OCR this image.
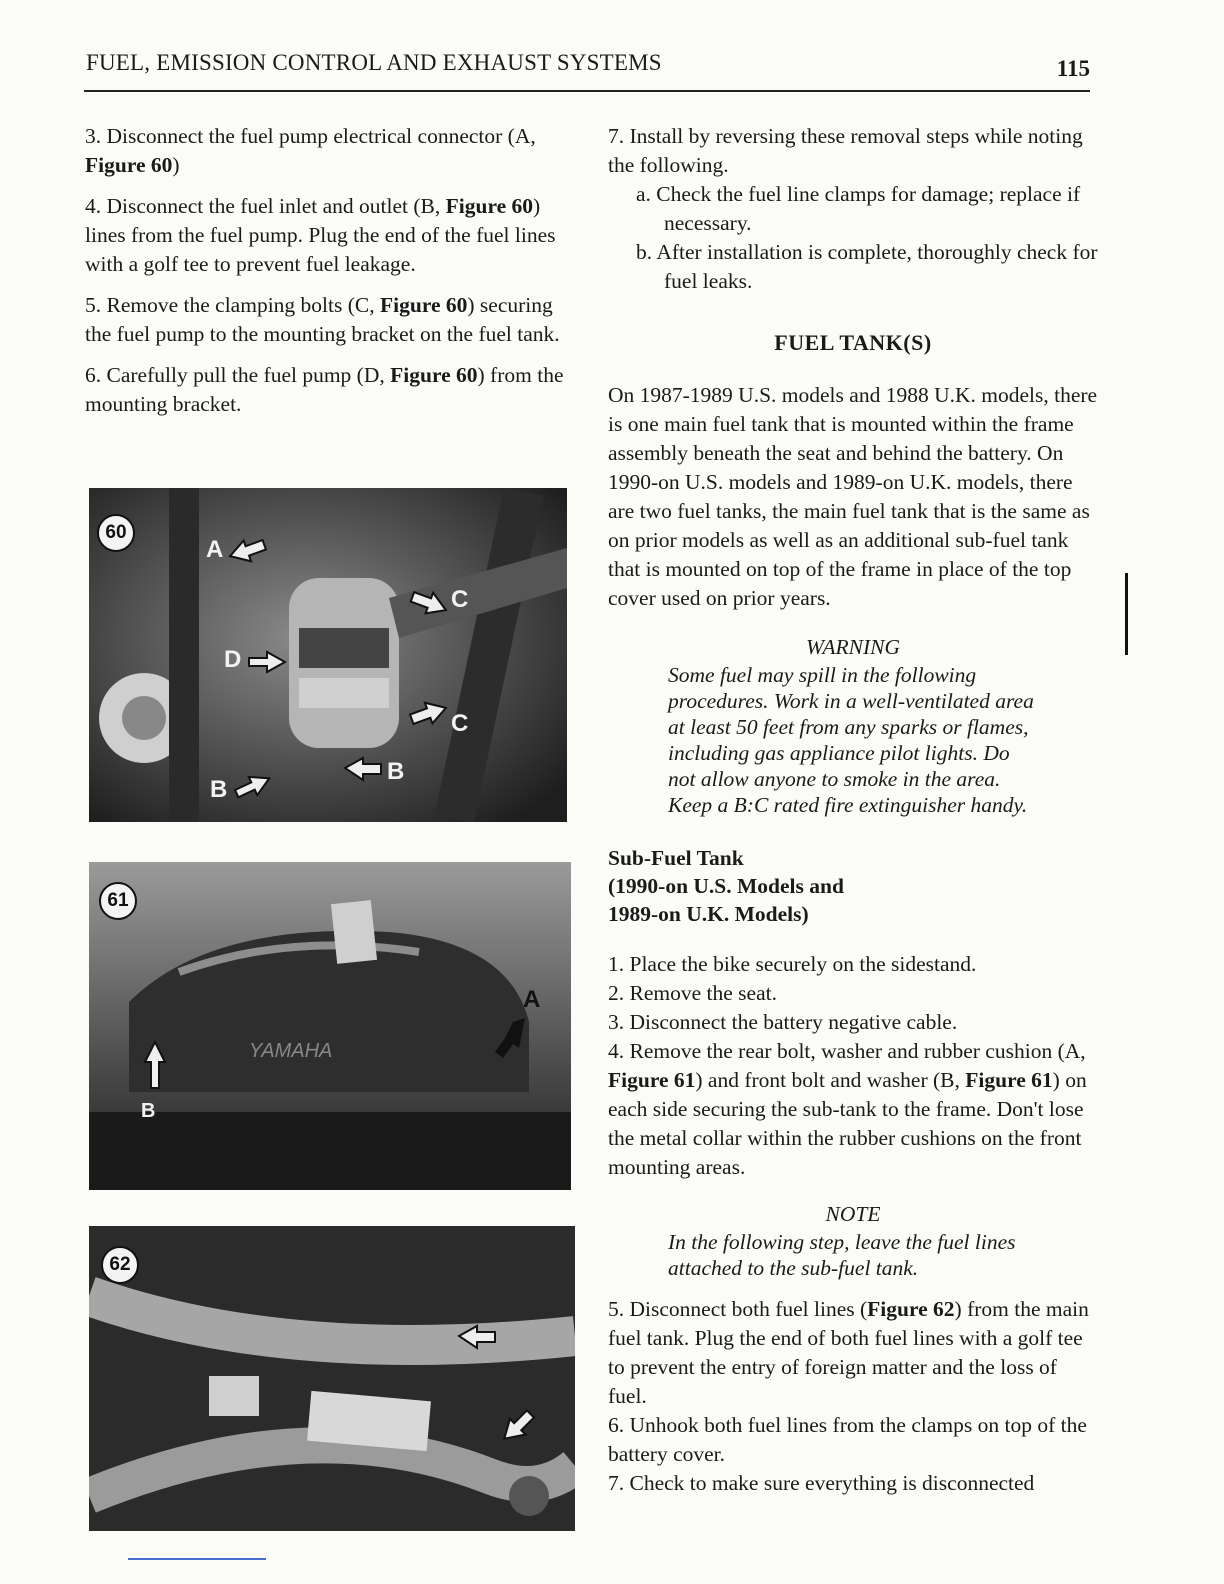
FUEL, EMISSION CONTROL AND EXHAUST SYSTEMS	115

3. Disconnect the fuel pump electrical connector (A, Figure 60)

4. Disconnect the fuel inlet and outlet (B, Figure 60) lines from the fuel pump. Plug the end of the fuel lines with a golf tee to prevent fuel leakage.

5. Remove the clamping bolts (C, Figure 60) securing the fuel pump to the mounting bracket on the fuel tank.

6. Carefully pull the fuel pump (D, Figure 60) from the mounting bracket.

60
A
C
D
C
B
B
61
A
B
YAMAHA
62

7. Install by reversing these removal steps while noting the following.

a. Check the fuel line clamps for damage; replace if necessary.

b. After installation is complete, thoroughly check for fuel leaks.

FUEL TANK(S)

On 1987-1989 U.S. models and 1988 U.K. models, there is one main fuel tank that is mounted within the frame assembly beneath the seat and behind the battery. On 1990-on U.S. models and 1989-on U.K. models, there are two fuel tanks, the main fuel tank that is the same as on prior models as well as an additional sub-fuel tank that is mounted on top of the frame in place of the top cover used on prior years.

WARNING
Some fuel may spill in the following procedures. Work in a well-ventilated area at least 50 feet from any sparks or flames, including gas appliance pilot lights. Do not allow anyone to smoke in the area. Keep a B:C rated fire extinguisher handy.
Sub-Fuel Tank
(1990-on U.S. Models and
1989-on U.K. Models)

1. Place the bike securely on the sidestand.

2. Remove the seat.

3. Disconnect the battery negative cable.

4. Remove the rear bolt, washer and rubber cushion (A, Figure 61) and front bolt and washer (B, Figure 61) on each side securing the sub-tank to the frame. Don't lose the metal collar within the rubber cushions on the front mounting areas.

NOTE
In the following step, leave the fuel lines attached to the sub-fuel tank.

5. Disconnect both fuel lines (Figure 62) from the main fuel tank. Plug the end of both fuel lines with a golf tee to prevent the entry of foreign matter and the loss of fuel.

6. Unhook both fuel lines from the clamps on top of the battery cover.

7. Check to make sure everything is disconnected
